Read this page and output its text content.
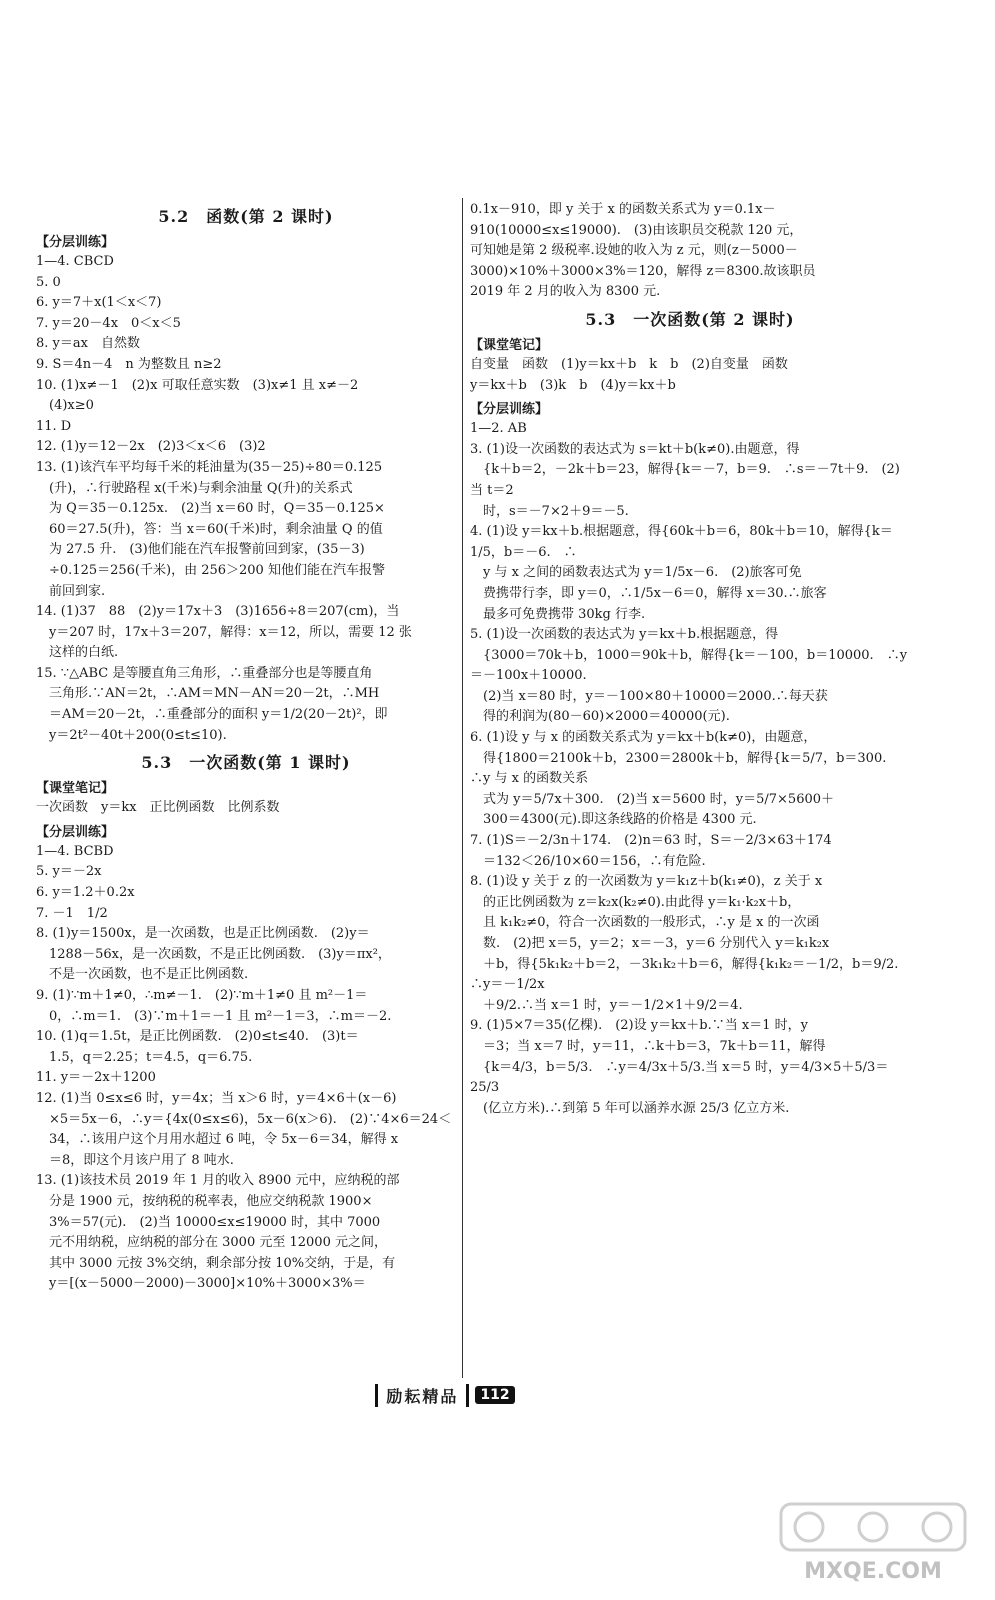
5.2　函数(第 2 课时)
【分层训练】
1—4. CBCD
5. 0
6. y＝7＋x(1＜x＜7)
7. y＝20－4x　0＜x＜5
8. y＝ax　自然数
9. S＝4n－4　n 为整数且 n≥2
10. (1)x≠－1　(2)x 可取任意实数　(3)x≠1 且 x≠－2
　(4)x≥0
11. D
12. (1)y＝12－2x　(2)3＜x＜6　(3)2
13. (1)该汽车平均每千米的耗油量为(35－25)÷80＝0.125
　(升)，∴行驶路程 x(千米)与剩余油量 Q(升)的关系式
　为 Q＝35－0.125x.　(2)当 x＝60 时，Q＝35－0.125×
　60＝27.5(升)，答：当 x＝60(千米)时，剩余油量 Q 的值
　为 27.5 升.　(3)他们能在汽车报警前回到家，(35－3)
　÷0.125＝256(千米)，由 256＞200 知他们能在汽车报警
　前回到家.
14. (1)37　88　(2)y＝17x＋3　(3)1656÷8＝207(cm)，当
　y＝207 时，17x＋3＝207，解得：x＝12，所以，需要 12 张
　这样的白纸.
15. ∵△ABC 是等腰直角三角形，∴重叠部分也是等腰直角
　三角形.∵AN＝2t，∴AM＝MN－AN＝20－2t，∴MH
　＝AM＝20－2t，∴重叠部分的面积 y＝1/2(20－2t)²，即
　y＝2t²－40t＋200(0≤t≤10).
5.3　一次函数(第 1 课时)
【课堂笔记】
一次函数　y＝kx　正比例函数　比例系数
【分层训练】
1—4. BCBD
5. y＝－2x
6. y＝1.2＋0.2x
7. －1　1/2
8. (1)y＝1500x，是一次函数，也是正比例函数.　(2)y＝
　1288－56x，是一次函数，不是正比例函数.　(3)y＝πx²，
　不是一次函数，也不是正比例函数.
9. (1)∵m＋1≠0，∴m≠－1.　(2)∵m＋1≠0 且 m²－1＝
　0，∴m＝1.　(3)∵m＋1＝－1 且 m²－1＝3，∴m＝－2.
10. (1)q＝1.5t，是正比例函数.　(2)0≤t≤40.　(3)t＝
　1.5，q＝2.25；t＝4.5，q＝6.75.
11. y＝－2x＋1200
12. (1)当 0≤x≤6 时，y＝4x；当 x＞6 时，y＝4×6＋(x－6)
　×5＝5x－6，∴y＝{4x(0≤x≤6)，5x－6(x＞6).　(2)∵4×6＝24＜
　34，∴该用户这个月用水超过 6 吨，令 5x－6＝34，解得 x
　＝8，即这个月该户用了 8 吨水.
13. (1)该技术员 2019 年 1 月的收入 8900 元中，应纳税的部
　分是 1900 元，按纳税的税率表，他应交纳税款 1900×
　3%＝57(元).　(2)当 10000≤x≤19000 时，其中 7000
　元不用纳税，应纳税的部分在 3000 元至 12000 元之间，
　其中 3000 元按 3%交纳，剩余部分按 10%交纳，于是，有
　y＝[(x－5000－2000)－3000]×10%＋3000×3%＝
0.1x－910，即 y 关于 x 的函数关系式为 y＝0.1x－
910(10000≤x≤19000).　(3)由该职员交税款 120 元，
可知她是第 2 级税率.设她的收入为 z 元，则(z－5000－
3000)×10%＋3000×3%＝120，解得 z＝8300.故该职员
2019 年 2 月的收入为 8300 元.
5.3　一次函数(第 2 课时)
【课堂笔记】
自变量　函数　(1)y＝kx＋b　k　b　(2)自变量　函数
y＝kx＋b　(3)k　b　(4)y＝kx＋b
【分层训练】
1—2. AB
3. (1)设一次函数的表达式为 s＝kt＋b(k≠0).由题意，得
　{k＋b＝2，－2k＋b＝23，解得{k＝－7，b＝9.　∴s＝－7t＋9.　(2)当 t＝2
　时，s＝－7×2＋9＝－5.
4. (1)设 y＝kx＋b.根据题意，得{60k＋b＝6，80k＋b＝10，解得{k＝1/5，b＝－6.　∴
　y 与 x 之间的函数表达式为 y＝1/5x－6.　(2)旅客可免
　费携带行李，即 y＝0，∴1/5x－6＝0，解得 x＝30.∴旅客
　最多可免费携带 30kg 行李.
5. (1)设一次函数的表达式为 y＝kx＋b.根据题意，得
　{3000＝70k＋b，1000＝90k＋b，解得{k＝－100，b＝10000.　∴y＝－100x＋10000.
　(2)当 x＝80 时，y＝－100×80＋10000＝2000.∴每天获
　得的利润为(80－60)×2000＝40000(元).
6. (1)设 y 与 x 的函数关系式为 y＝kx＋b(k≠0)，由题意，
　得{1800＝2100k＋b，2300＝2800k＋b，解得{k＝5/7，b＝300.　∴y 与 x 的函数关系
　式为 y＝5/7x＋300.　(2)当 x＝5600 时，y＝5/7×5600＋
　300＝4300(元).即这条线路的价格是 4300 元.
7. (1)S＝－2/3n＋174.　(2)n＝63 时，S＝－2/3×63＋174
　＝132＜26/10×60＝156，∴有危险.
8. (1)设 y 关于 z 的一次函数为 y＝k₁z＋b(k₁≠0)，z 关于 x
　的正比例函数为 z＝k₂x(k₂≠0).由此得 y＝k₁·k₂x＋b，
　且 k₁k₂≠0，符合一次函数的一般形式，∴y 是 x 的一次函
　数.　(2)把 x＝5，y＝2；x＝－3，y＝6 分别代入 y＝k₁k₂x
　＋b，得{5k₁k₂＋b＝2，－3k₁k₂＋b＝6，解得{k₁k₂＝－1/2，b＝9/2.　∴y＝－1/2x
　＋9/2.∴当 x＝1 时，y＝－1/2×1＋9/2＝4.
9. (1)5×7＝35(亿棵).　(2)设 y＝kx＋b.∵当 x＝1 时，y
　＝3；当 x＝7 时，y＝11，∴k＋b＝3，7k＋b＝11，解得
　{k＝4/3，b＝5/3.　∴y＝4/3x＋5/3.当 x＝5 时，y＝4/3×5＋5/3＝25/3
　(亿立方米).∴到第 5 年可以涵养水源 25/3 亿立方米.
励耘精品	112
MXQE.COM
